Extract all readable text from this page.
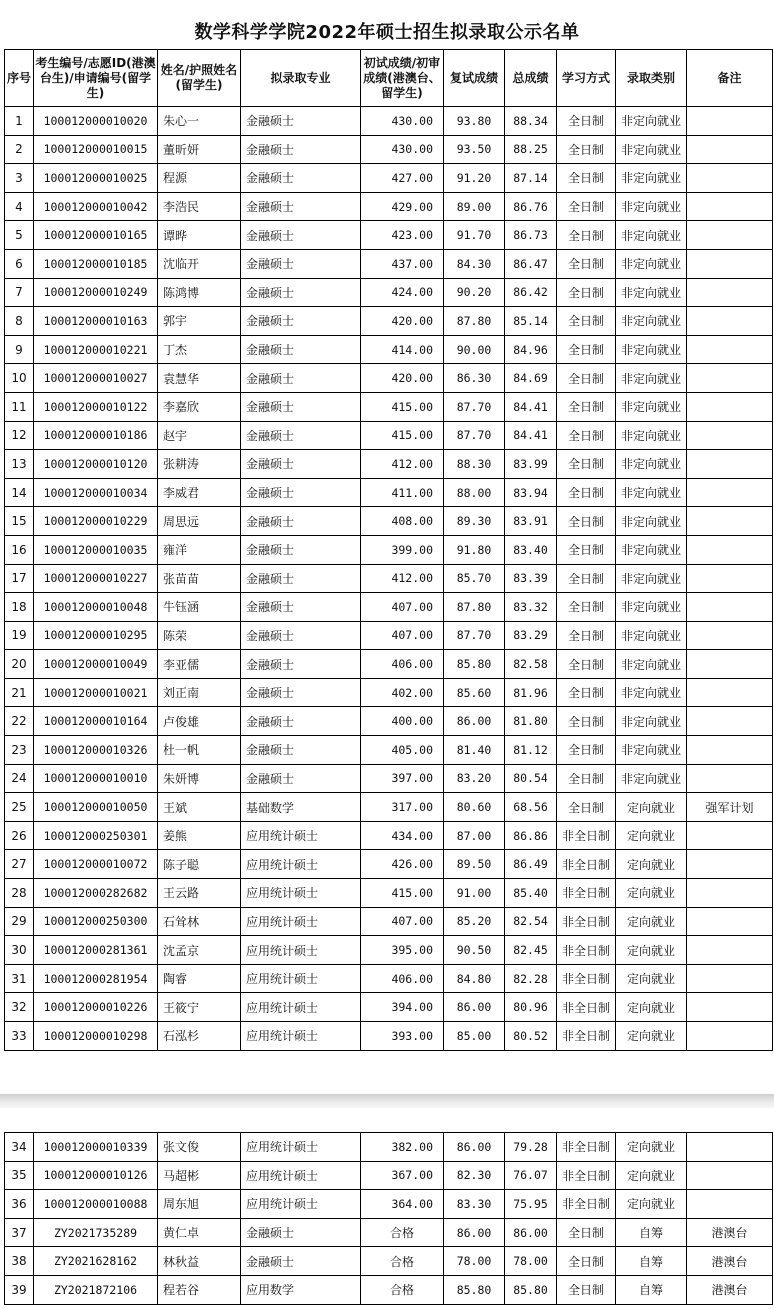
数学科学学院2022年硕士招生拟录取公示名单
序号	考生编号/志愿ID(港澳台生)/申请编号(留学生)	姓名/护照姓名(留学生)	拟录取专业	初试成绩/初审成绩(港澳台、留学生)	复试成绩	总成绩	学习方式	录取类别	备注
1	100012000010020	朱心一	金融硕士	430.00	93.80	88.34	全日制	非定向就业	
2	100012000010015	董昕妍	金融硕士	430.00	93.50	88.25	全日制	非定向就业	
3	100012000010025	程源	金融硕士	427.00	91.20	87.14	全日制	非定向就业	
4	100012000010042	李浩民	金融硕士	429.00	89.00	86.76	全日制	非定向就业	
5	100012000010165	谭晔	金融硕士	423.00	91.70	86.73	全日制	非定向就业	
6	100012000010185	沈临开	金融硕士	437.00	84.30	86.47	全日制	非定向就业	
7	100012000010249	陈鸿博	金融硕士	424.00	90.20	86.42	全日制	非定向就业	
8	100012000010163	郭宇	金融硕士	420.00	87.80	85.14	全日制	非定向就业	
9	100012000010221	丁杰	金融硕士	414.00	90.00	84.96	全日制	非定向就业	
10	100012000010027	袁慧华	金融硕士	420.00	86.30	84.69	全日制	非定向就业	
11	100012000010122	李嘉欣	金融硕士	415.00	87.70	84.41	全日制	非定向就业	
12	100012000010186	赵宇	金融硕士	415.00	87.70	84.41	全日制	非定向就业	
13	100012000010120	张耕涛	金融硕士	412.00	88.30	83.99	全日制	非定向就业	
14	100012000010034	李威君	金融硕士	411.00	88.00	83.94	全日制	非定向就业	
15	100012000010229	周思远	金融硕士	408.00	89.30	83.91	全日制	非定向就业	
16	100012000010035	雍洋	金融硕士	399.00	91.80	83.40	全日制	非定向就业	
17	100012000010227	张苗苗	金融硕士	412.00	85.70	83.39	全日制	非定向就业	
18	100012000010048	牛钰涵	金融硕士	407.00	87.80	83.32	全日制	非定向就业	
19	100012000010295	陈荣	金融硕士	407.00	87.70	83.29	全日制	非定向就业	
20	100012000010049	李亚儒	金融硕士	406.00	85.80	82.58	全日制	非定向就业	
21	100012000010021	刘正南	金融硕士	402.00	85.60	81.96	全日制	非定向就业	
22	100012000010164	卢俊雄	金融硕士	400.00	86.00	81.80	全日制	非定向就业	
23	100012000010326	杜一帆	金融硕士	405.00	81.40	81.12	全日制	非定向就业	
24	100012000010010	朱妍博	金融硕士	397.00	83.20	80.54	全日制	非定向就业	
25	100012000010050	王斌	基础数学	317.00	80.60	68.56	全日制	定向就业	强军计划
26	100012000250301	姜熊	应用统计硕士	434.00	87.00	86.86	非全日制	定向就业	
27	100012000010072	陈子聪	应用统计硕士	426.00	89.50	86.49	非全日制	定向就业	
28	100012000282682	王云路	应用统计硕士	415.00	91.00	85.40	非全日制	定向就业	
29	100012000250300	石耸林	应用统计硕士	407.00	85.20	82.54	非全日制	定向就业	
30	100012000281361	沈孟京	应用统计硕士	395.00	90.50	82.45	非全日制	定向就业	
31	100012000281954	陶睿	应用统计硕士	406.00	84.80	82.28	非全日制	定向就业	
32	100012000010226	王筱宁	应用统计硕士	394.00	86.00	80.96	非全日制	定向就业	
33	100012000010298	石泓杉	应用统计硕士	393.00	85.00	80.52	非全日制	定向就业	
34	100012000010339	张文俊	应用统计硕士	382.00	86.00	79.28	非全日制	定向就业	
35	100012000010126	马超彬	应用统计硕士	367.00	82.30	76.07	非全日制	定向就业	
36	100012000010088	周东旭	应用统计硕士	364.00	83.30	75.95	非全日制	定向就业	
37	ZY2021735289	黄仁卓	金融硕士	合格	86.00	86.00	全日制	自筹	港澳台
38	ZY2021628162	林秋益	金融硕士	合格	78.00	78.00	全日制	自筹	港澳台
39	ZY2021872106	程若谷	应用数学	合格	85.80	85.80	全日制	自筹	港澳台
